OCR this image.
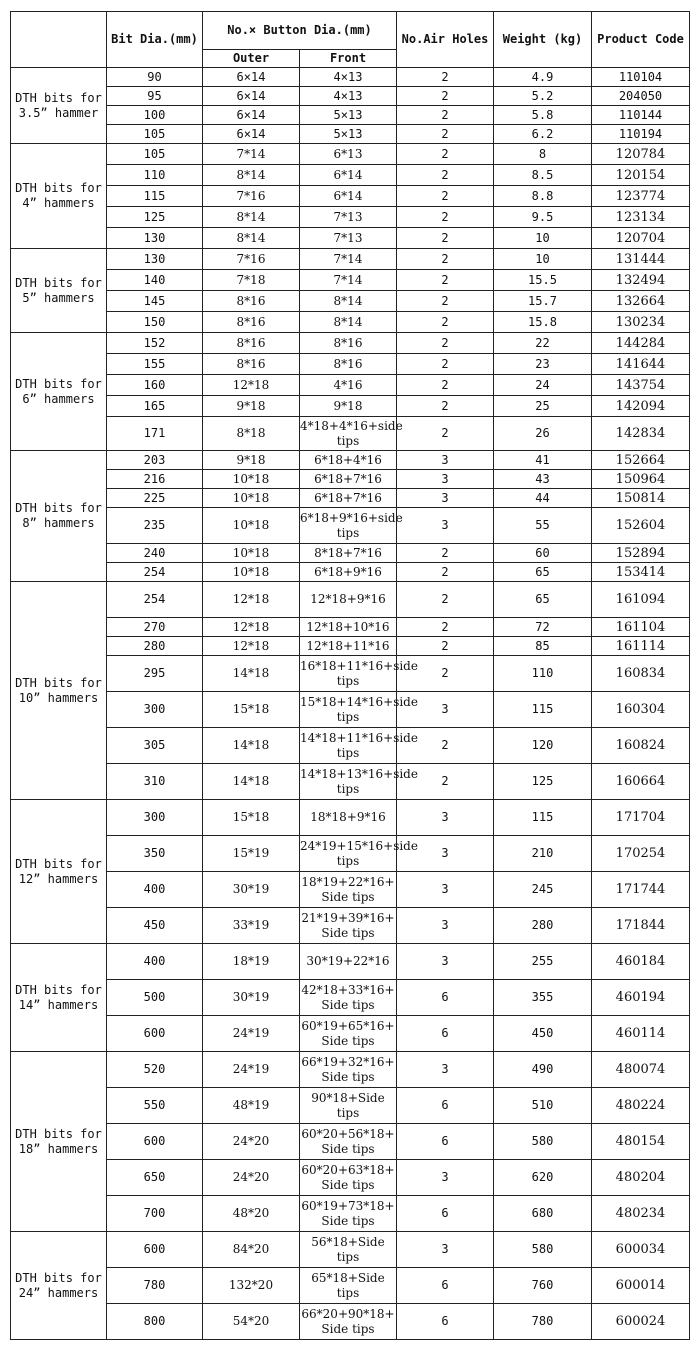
	Bit Dia.(mm)	No.× Button Dia.(mm)		No.Air Holes	Weight (kg)	Product Code
		Outer	Front			
DTH bits for 3.5” hammer	90	6×14	4×13	2	4.9	110104
	95	6×14	4×13	2	5.2	204050
	100	6×14	5×13	2	5.8	110144
	105	6×14	5×13	2	6.2	110194
DTH bits for 4” hammers	105	7*14	6*13	2	8	120784
	110	8*14	6*14	2	8.5	120154
	115	7*16	6*14	2	8.8	123774
	125	8*14	7*13	2	9.5	123134
	130	8*14	7*13	2	10	120704
DTH bits for 5” hammers	130	7*16	7*14	2	10	131444
	140	7*18	7*14	2	15.5	132494
	145	8*16	8*14	2	15.7	132664
	150	8*16	8*14	2	15.8	130234
DTH bits for 6” hammers	152	8*16	8*16	2	22	144284
	155	8*16	8*16	2	23	141644
	160	12*18	4*16	2	24	143754
	165	9*18	9*18	2	25	142094
	171	8*18	4*18+4*16+side tips	2	26	142834
DTH bits for 8” hammers	203	9*18	6*18+4*16	3	41	152664
	216	10*18	6*18+7*16	3	43	150964
	225	10*18	6*18+7*16	3	44	150814
	235	10*18	6*18+9*16+side tips	3	55	152604
	240	10*18	8*18+7*16	2	60	152894
	254	10*18	6*18+9*16	2	65	153414
DTH bits for 10” hammers	254	12*18	12*18+9*16	2	65	161094
	270	12*18	12*18+10*16	2	72	161104
	280	12*18	12*18+11*16	2	85	161114
	295	14*18	16*18+11*16+side tips	2	110	160834
	300	15*18	15*18+14*16+side tips	3	115	160304
	305	14*18	14*18+11*16+side tips	2	120	160824
	310	14*18	14*18+13*16+side tips	2	125	160664
DTH bits for 12” hammers	300	15*18	18*18+9*16	3	115	171704
	350	15*19	24*19+15*16+side tips	3	210	170254
	400	30*19	18*19+22*16+ Side tips	3	245	171744
	450	33*19	21*19+39*16+ Side tips	3	280	171844
DTH bits for 14” hammers	400	18*19	30*19+22*16	3	255	460184
	500	30*19	42*18+33*16+ Side tips	6	355	460194
	600	24*19	60*19+65*16+ Side tips	6	450	460114
DTH bits for 18” hammers	520	24*19	66*19+32*16+ Side tips	3	490	480074
	550	48*19	90*18+Side tips	6	510	480224
	600	24*20	60*20+56*18+ Side tips	6	580	480154
	650	24*20	60*20+63*18+ Side tips	3	620	480204
	700	48*20	60*19+73*18+ Side tips	6	680	480234
DTH bits for 24” hammers	600	84*20	56*18+Side tips	3	580	600034
	780	132*20	65*18+Side tips	6	760	600014
	800	54*20	66*20+90*18+ Side tips	6	780	600024
